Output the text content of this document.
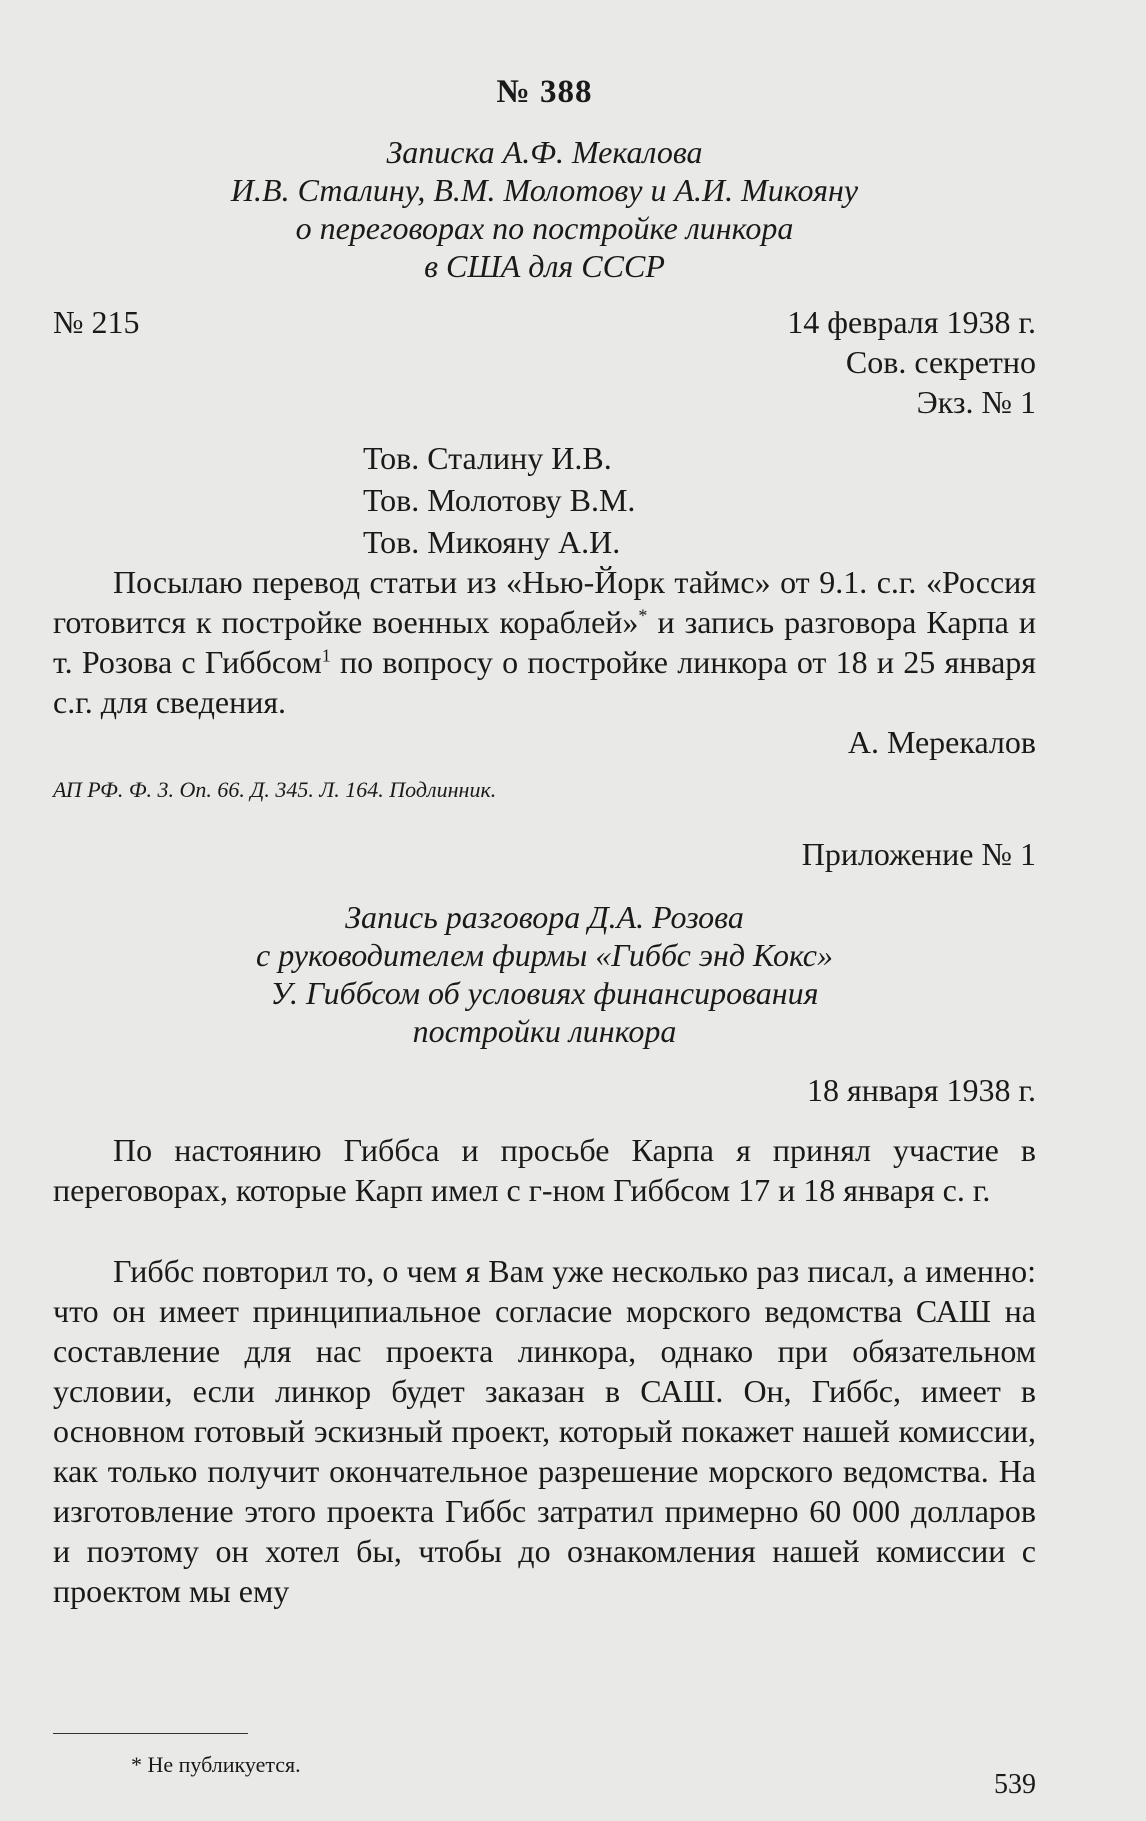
№ 388
Записка А.Ф. Мекалова
И.В. Сталину, В.М. Молотову и А.И. Микояну
о переговорах по постройке линкора
в США для СССР
№ 215	14 февраля 1938 г.
Сов. секретно
Экз. № 1
Тов. Сталину И.В.
Тов. Молотову В.М.
Тов. Микояну А.И.

Посылаю перевод статьи из «Нью-Йорк таймс» от 9.1. с.г. «Россия готовится к постройке военных кораблей»* и запись разговора Карпа и т. Розова с Гиббсом$^1$ по вопросу о постройке линкора от 18 и 25 января с.г. для сведения.

А. Мерекалов
АП РФ. Ф. 3. Оп. 66. Д. 345. Л. 164. Подлинник.
Приложение № 1
Запись разговора Д.А. Розова
с руководителем фирмы «Гиббс энд Кокс»
У. Гиббсом об условиях финансирования
постройки линкора
18 января 1938 г.

По настоянию Гиббса и просьбе Карпа я принял участие в переговорах, которые Карп имел с г-ном Гиббсом 17 и 18 января с. г.

Гиббс повторил то, о чем я Вам уже несколько раз писал, а именно: что он имеет принципиальное согласие морского ведомства САШ на составление для нас проекта линкора, однако при обязательном условии, если линкор будет заказан в САШ. Он, Гиббс, имеет в основном готовый эскизный проект, который покажет нашей комиссии, как только получит окончательное разрешение морского ведомства. На изготовление этого проекта Гиббс затратил примерно 60 000 долларов и поэтому он хотел бы, чтобы до ознакомления нашей комиссии с проектом мы ему

* Не публикуется.
539
